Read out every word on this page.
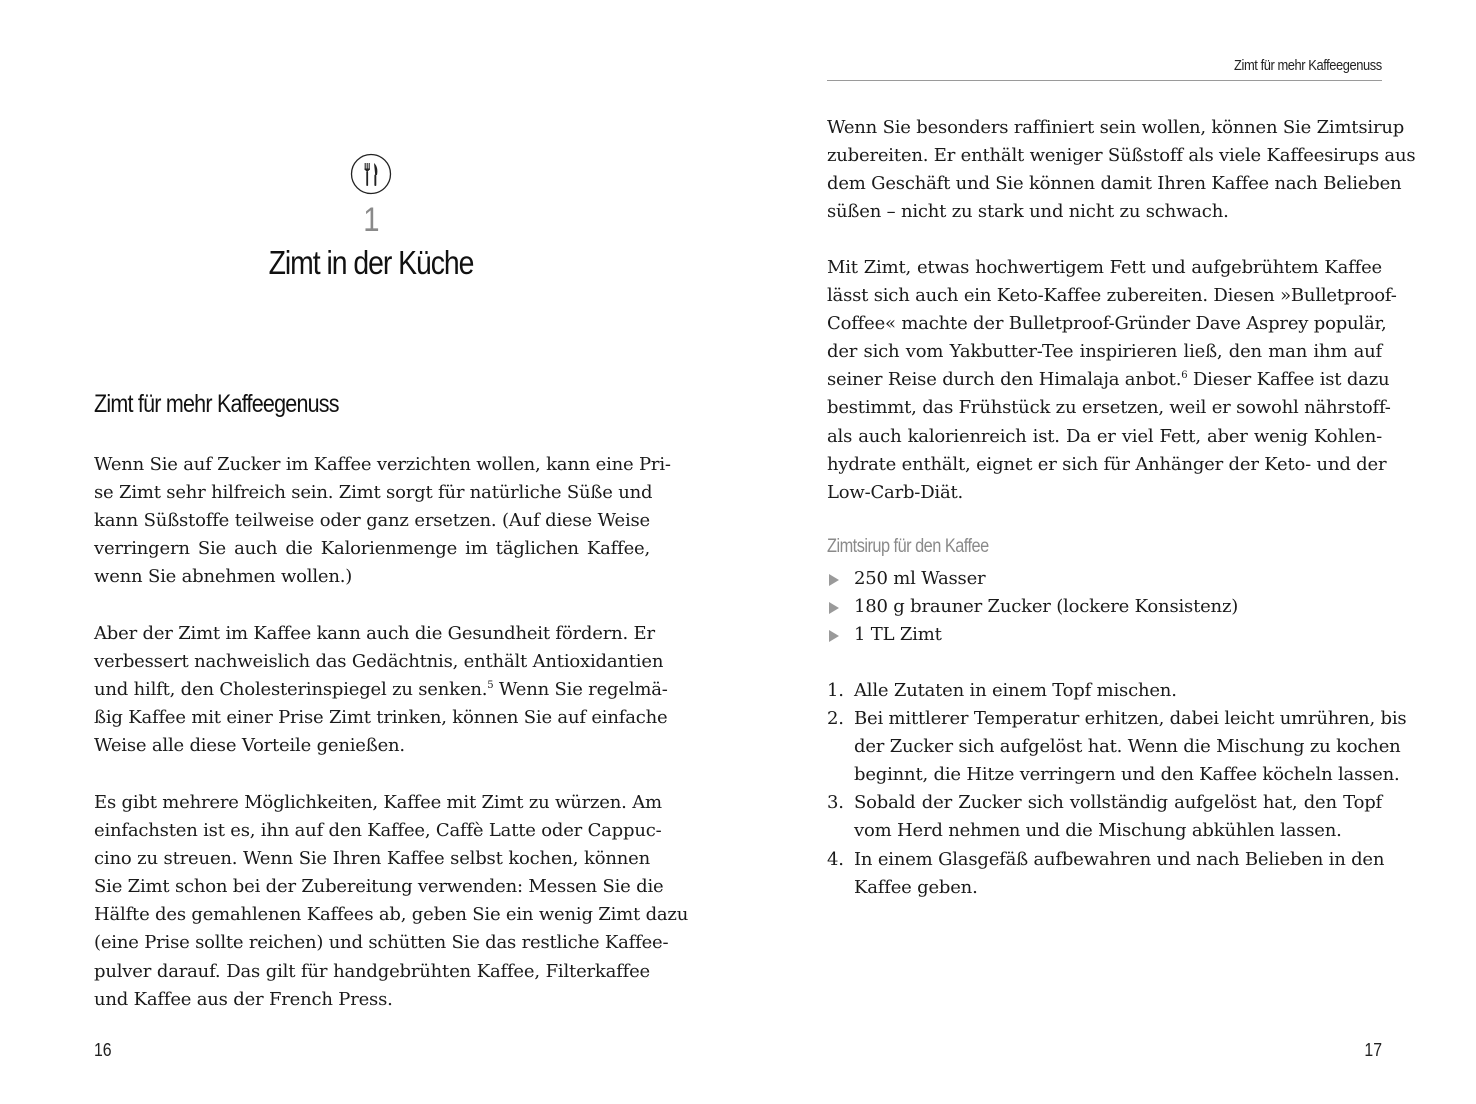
1
Zimt in der Küche
Zimt für mehr Kaffeegenuss
Wenn Sie auf Zucker im Kaffee verzichten wollen, kann eine Pri-
se Zimt sehr hilfreich sein. Zimt sorgt für natürliche Süße und
kann Süßstoffe teilweise oder ganz ersetzen. (Auf diese Weise
verringern Sie auch die Kalorienmenge im täglichen Kaffee,
wenn Sie abnehmen wollen.)
Aber der Zimt im Kaffee kann auch die Gesundheit fördern. Er
verbessert nachweislich das Gedächtnis, enthält Antioxidantien
und hilft, den Cholesterinspiegel zu senken.$^5$ Wenn Sie regelmä-
ßig Kaffee mit einer Prise Zimt trinken, können Sie auf einfache
Weise alle diese Vorteile genießen.
Es gibt mehrere Möglichkeiten, Kaffee mit Zimt zu würzen. Am
einfachsten ist es, ihn auf den Kaffee, Caffè Latte oder Cappuc-
cino zu streuen. Wenn Sie Ihren Kaffee selbst kochen, können
Sie Zimt schon bei der Zubereitung verwenden: Messen Sie die
Hälfte des gemahlenen Kaffees ab, geben Sie ein wenig Zimt dazu
(eine Prise sollte reichen) und schütten Sie das restliche Kaffee-
pulver darauf. Das gilt für handgebrühten Kaffee, Filterkaffee
und Kaffee aus der French Press.
16
Zimt für mehr Kaffeegenuss
Wenn Sie besonders raffiniert sein wollen, können Sie Zimtsirup
zubereiten. Er enthält weniger Süßstoff als viele Kaffeesirups aus
dem Geschäft und Sie können damit Ihren Kaffee nach Belieben
süßen – nicht zu stark und nicht zu schwach.
Mit Zimt, etwas hochwertigem Fett und aufgebrühtem Kaffee
lässt sich auch ein Keto-Kaffee zubereiten. Diesen »Bulletproof-
Coffee« machte der Bulletproof-Gründer Dave Asprey populär,
der sich vom Yakbutter-Tee inspirieren ließ, den man ihm auf
seiner Reise durch den Himalaja anbot.$^6$ Dieser Kaffee ist dazu
bestimmt, das Frühstück zu ersetzen, weil er sowohl nährstoff-
als auch kalorienreich ist. Da er viel Fett, aber wenig Kohlen-
hydrate enthält, eignet er sich für Anhänger der Keto- und der
Low-Carb-Diät.
Zimtsirup für den Kaffee
250 ml Wasser
180 g brauner Zucker (lockere Konsistenz)
1 TL Zimt
1. Alle Zutaten in einem Topf mischen.
2. Bei mittlerer Temperatur erhitzen, dabei leicht umrühren, bis
der Zucker sich aufgelöst hat. Wenn die Mischung zu kochen
beginnt, die Hitze verringern und den Kaffee köcheln lassen.
3. Sobald der Zucker sich vollständig aufgelöst hat, den Topf
vom Herd nehmen und die Mischung abkühlen lassen.
4. In einem Glasgefäß aufbewahren und nach Belieben in den
Kaffee geben.
17
